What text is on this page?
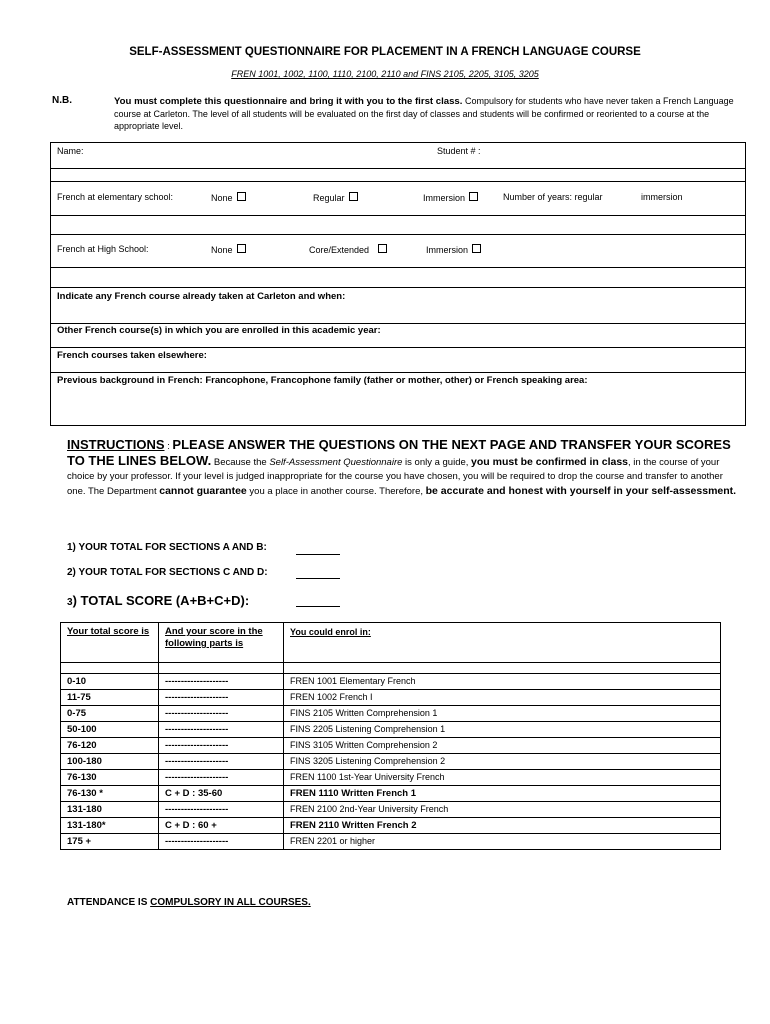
SELF-ASSESSMENT QUESTIONNAIRE FOR PLACEMENT IN A FRENCH LANGUAGE COURSE
FREN 1001, 1002, 1100, 1110, 2100, 2110 and FINS 2105, 2205, 3105, 3205
N.B.	You must complete this questionnaire and bring it with you to the first class. Compulsory for students who have never taken a French Language course at Carleton. The level of all students will be evaluated on the first day of classes and students will be confirmed or reoriented to a course at the appropriate level.
Name:	Student # :
French at elementary school:	None	Regular	Immersion	Number of years: regular	immersion
French at High School:	None	Core/Extended	Immersion
Indicate any French course already taken at Carleton and when:
Other French course(s) in which you are enrolled in this academic year:
French courses taken elsewhere:
Previous background in French: Francophone, Francophone family (father or mother, other) or French speaking area:
INSTRUCTIONS : PLEASE ANSWER THE QUESTIONS ON THE NEXT PAGE AND TRANSFER YOUR SCORES TO THE LINES BELOW. Because the Self-Assessment Questionnaire is only a guide, you must be confirmed in class, in the course of your choice by your professor. If your level is judged inappropriate for the course you have chosen, you will be required to drop the course and transfer to another one. The Department cannot guarantee you a place in another course. Therefore, be accurate and honest with yourself in your self-assessment.
1) YOUR TOTAL FOR SECTIONS A AND B:
2) YOUR TOTAL FOR SECTIONS C AND D:
3) TOTAL SCORE (A+B+C+D):
Your total score is	And your score in the following parts is	You could enrol in:

0-10	--------------------	FREN 1001 Elementary French
11-75	--------------------	FREN 1002 French I
0-75	--------------------	FINS 2105 Written Comprehension 1
50-100	--------------------	FINS 2205 Listening Comprehension 1
76-120	--------------------	FINS 3105 Written Comprehension 2
100-180	--------------------	FINS 3205 Listening Comprehension 2
76-130	--------------------	FREN 1100 1st-Year University French
76-130 *	C + D : 35-60	FREN 1110 Written French 1
131-180	--------------------	FREN 2100 2nd-Year University French
131-180*	C + D : 60 +	FREN 2110 Written French 2
175 +	--------------------	FREN 2201 or higher
ATTENDANCE IS COMPULSORY IN ALL COURSES.
